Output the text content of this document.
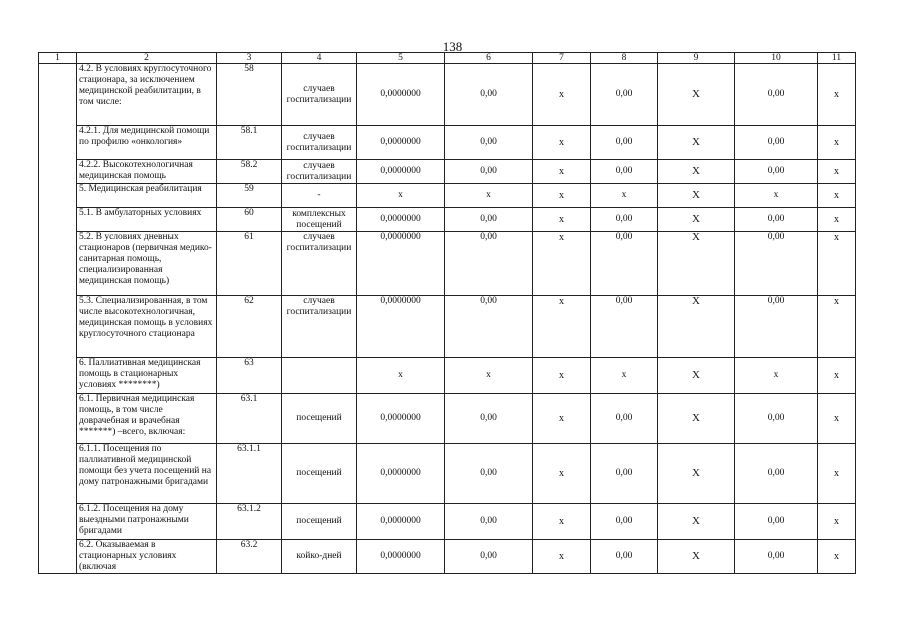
138
1	2	3	4	5	6	7	8	9	10	11
	4.2. В условиях круглосуточного стационара, за исключением медицинской реабилитации, в том числе:	58	случаев госпитализации	0,0000000	0,00	x	0,00	X	0,00	x
	4.2.1. Для медицинской помощи по профилю «онкология»	58.1	случаев госпитализации	0,0000000	0,00	x	0,00	X	0,00	x
	4.2.2. Высокотехнологичная медицинская помощь	58.2	случаев госпитализации	0,0000000	0,00	x	0,00	X	0,00	x
	5. Медицинская реабилитация	59	-	x	x	x	x	X	x	x
	5.1. В амбулаторных условиях	60	комплексных посещений	0,0000000	0,00	x	0,00	X	0,00	x
	5.2. В условиях дневных стационаров (первичная медико-санитарная помощь, специализированная медицинская помощь)	61	случаев госпитализации	0,0000000	0,00	x	0,00	X	0,00	x
	5.3. Специализированная, в том числе высокотехнологичная, медицинская помощь в условиях круглосуточного стационара	62	случаев госпитализации	0,0000000	0,00	x	0,00	X	0,00	x
	6. Паллиативная медицинская помощь в стационарных условиях ********)	63		x	x	x	x	X	x	x
	6.1. Первичная медицинская помощь, в том числе доврачебная и врачебная *******) –всего, включая:	63.1	посещений	0,0000000	0,00	x	0,00	X	0,00	x
	6.1.1. Посещения по паллиативной медицинской помощи без учета посещений на дому патронажными бригадами	63.1.1	посещений	0,0000000	0,00	x	0,00	X	0,00	x
	6.1.2. Посещения на дому выездными патронажными бригадами	63.1.2	посещений	0,0000000	0,00	x	0,00	X	0,00	x
	6.2. Оказываемая в стационарных условиях (включая	63.2	койко-дней	0,0000000	0,00	x	0,00	X	0,00	x
